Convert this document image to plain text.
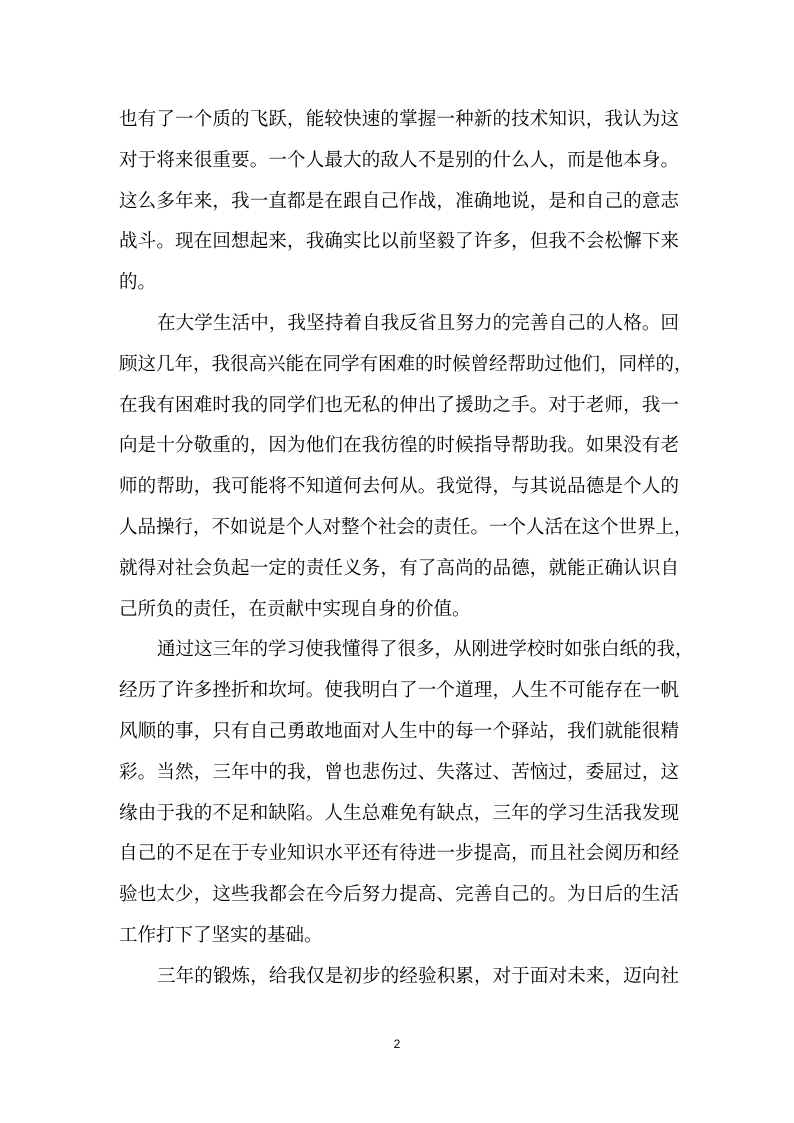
也有了一个质的飞跃，能较快速的掌握一种新的技术知识，我认为这
对于将来很重要。一个人最大的敌人不是别的什么人，而是他本身。
这么多年来，我一直都是在跟自己作战，准确地说，是和自己的意志
战斗。现在回想起来，我确实比以前坚毅了许多，但我不会松懈下来
的。
在大学生活中，我坚持着自我反省且努力的完善自己的人格。回
顾这几年，我很高兴能在同学有困难的时候曾经帮助过他们，同样的，
在我有困难时我的同学们也无私的伸出了援助之手。对于老师，我一
向是十分敬重的，因为他们在我彷徨的时候指导帮助我。如果没有老
师的帮助，我可能将不知道何去何从。我觉得，与其说品德是个人的
人品操行，不如说是个人对整个社会的责任。一个人活在这个世界上，
就得对社会负起一定的责任义务，有了高尚的品德，就能正确认识自
己所负的责任，在贡献中实现自身的价值。
通过这三年的学习使我懂得了很多，从刚进学校时如张白纸的我，
经历了许多挫折和坎坷。使我明白了一个道理，人生不可能存在一帆
风顺的事，只有自己勇敢地面对人生中的每一个驿站，我们就能很精
彩。当然，三年中的我，曾也悲伤过、失落过、苦恼过，委屈过，这
缘由于我的不足和缺陷。人生总难免有缺点，三年的学习生活我发现
自己的不足在于专业知识水平还有待进一步提高，而且社会阅历和经
验也太少，这些我都会在今后努力提高、完善自己的。为日后的生活
工作打下了坚实的基础。
三年的锻炼，给我仅是初步的经验积累，对于面对未来，迈向社
2
